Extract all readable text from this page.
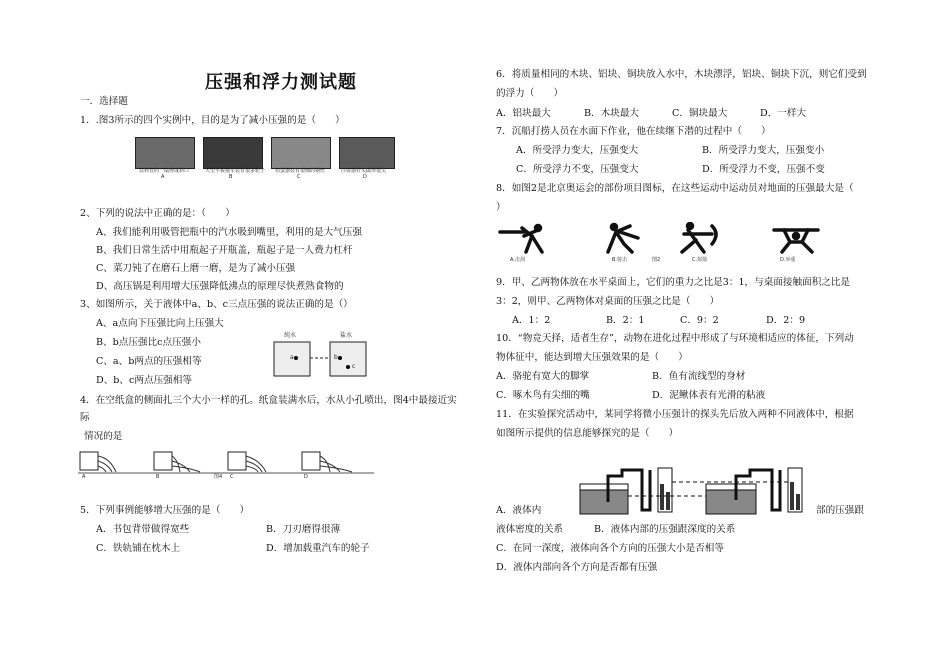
压强和浮力测试题
一．选择题
1．.图3所示的四个实例中，目的是为了减小压强的是（　　）
饮料管的一端剪成斜口	大型平板拖车装有很多轮子 切蛋器装有很细的钢丝	注射器针头做得很尖
A	B	C	D
2、下列的说法中正确的是：（　　）
A、我们能利用吸管把瓶中的汽水吸到嘴里，利用的是大气压强
B、我们日常生活中用瓶起子开瓶盖，瓶起子是一人费力杠杆
C、菜刀钝了在磨石上磨一磨，是为了减小压强
D、高压锅是利用增大压强降低沸点的原理尽快煮熟食物的
3、如图所示，关于液体中a、b、c三点压强的说法正确的是（）
A、a点向下压强比向上压强大
B、b点压强比c点压强小
C、a、b两点的压强相等
D、b、c两点压强相等
纯水	盐水
a	b
c
4．在空纸盒的侧面扎三个大小一样的孔。纸盒装满水后，水从小孔喷出，图4中最接近实
际
情况的是
A	B	图4 C	D
5．下列事例能够增大压强的是（　　）
A．书包背带做得宽些	B．刀刃磨得很薄
C．铁轨铺在枕木上	D．增加载重汽车的轮子
6．将质量相同的木块、铝块、铜块放入水中，木块漂浮，铝块、铜块下沉，则它们受到
的浮力（　　）
A．铝块最大	B．木块最大	C．铜块最大	D．一样大
7．沉船打捞人员在水面下作业，他在续继下潜的过程中（　　）
A．所受浮力变大，压强变大	B．所受浮力变大，压强变小
C．所受浮力不变，压强变大	D．所受浮力不变，压强不变
8．如图2是北京奥运会的部份项目图标，在这些运动中运动员对地面的压强最大是（
）
A.击剑	B.射击	图2	C.射箭	D.举重
9．甲、乙两物体放在水平桌面上，它们的重力之比是3：1，与桌面接触面积之比是
3：2，则甲、乙两物体对桌面的压强之比是（　　）
A．1：2	B．2：1	C．9：2	D．2：9
10．“物竞天择，适者生存”，动物在进化过程中形成了与环境相适应的体征，下列动
物体征中，能达到增大压强效果的是（　　）
A．骆驼有宽大的脚掌	B．鱼有流线型的身材
C．啄木鸟有尖细的嘴	D．泥鳅体表有光滑的粘液
11．在实验探究活动中，某同学将微小压强计的探头先后放入两种不同液体中，根据
如图所示提供的信息能够探究的是（　　）
A．液体内	部的压强跟
液体密度的关系	B．液体内部的压强跟深度的关系
C．在同一深度，液体向各个方向的压强大小是否相等
D．液体内部向各个方向是否都有压强
